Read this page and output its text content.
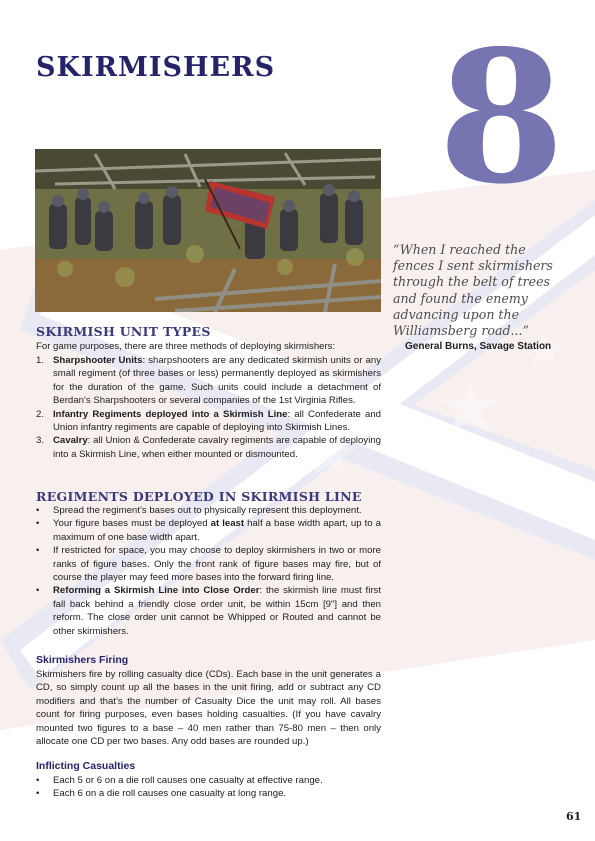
SKIRMISHERS 8
“When I reached the fences I sent skirmishers through the belt of trees and found the enemy advancing upon the Williamsberg road...”
General Burns, Savage Station
SKIRMISH UNIT TYPES

For game purposes, there are three methods of deploying skirmishers:

1. Sharpshooter Units: sharpshooters are any dedicated skirmish units or any small regiment (of three bases or less) permanently deployed as skirmishers for the duration of the game. Such units could include a detachment of Berdan’s Sharpshooters or several companies of the 1st Virginia Rifles.
2. Infantry Regiments deployed into a Skirmish Line: all Confederate and Union infantry regiments are capable of deploying into Skirmish Lines.
3. Cavalry: all Union & Confederate cavalry regiments are capable of deploying into a Skirmish Line, when either mounted or dismounted.
REGIMENTS DEPLOYED IN SKIRMISH LINE
• Spread the regiment’s bases out to physically represent this deployment.
• Your figure bases must be deployed at least half a base width apart, up to a maximum of one base width apart.
• If restricted for space, you may choose to deploy skirmishers in two or more ranks of figure bases. Only the front rank of figure bases may fire, but of course the player may feed more bases into the forward firing line.
• Reforming a Skirmish Line into Close Order: the skirmish line must first fall back behind a friendly close order unit, be within 15cm [9"] and then reform. The close order unit cannot be Whipped or Routed and cannot be other skirmishers.
Skirmishers Firing

Skirmishers fire by rolling casualty dice (CDs). Each base in the unit generates a CD, so simply count up all the bases in the unit firing, add or subtract any CD modifiers and that’s the number of Casualty Dice the unit may roll. All bases count for firing purposes, even bases holding casualties. (If you have cavalry mounted two figures to a base – 40 men rather than 75-80 men – then only allocate one CD per two bases. Any odd bases are rounded up.)

Inflicting Casualties
• Each 5 or 6 on a die roll causes one casualty at effective range.
• Each 6 on a die roll causes one casualty at long range.
61
